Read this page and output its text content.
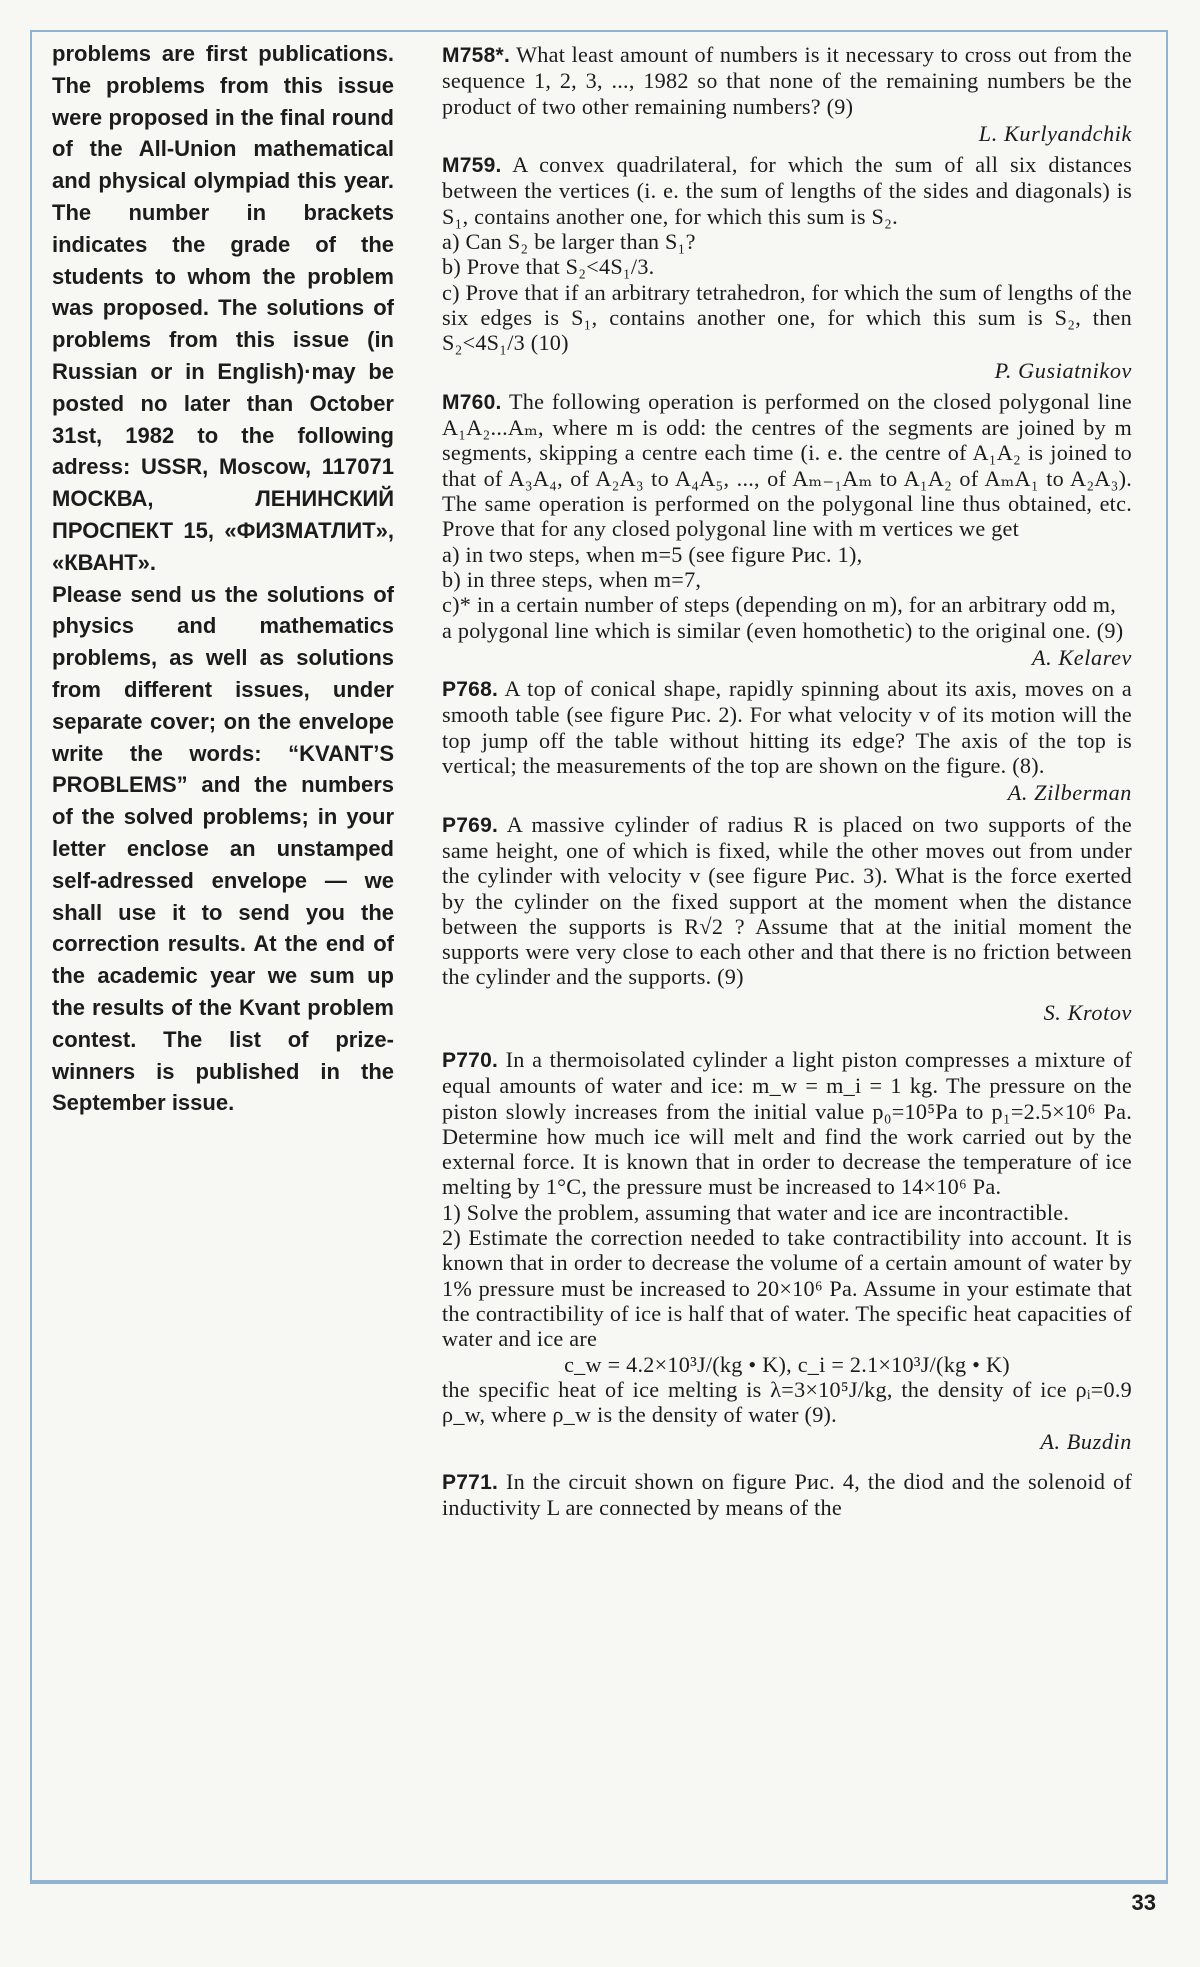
problems are first publications. The problems from this issue were proposed in the final round of the All-Union mathematical and physical olympiad this year. The number in brackets indicates the grade of the students to whom the problem was proposed. The solutions of problems from this issue (in Russian or in English)·may be posted no later than October 31st, 1982 to the following adress: USSR, Moscow, 117071 МОСКВА, ЛЕНИНСКИЙ ПРОСПЕКТ 15, «ФИЗМАТЛИТ», «КВАНТ».

Please send us the solutions of physics and mathematics problems, as well as solutions from different issues, under separate cover; on the envelope write the words: “KVANT’S PROBLEMS” and the numbers of the solved problems; in your letter enclose an unstamped self-adressed envelope — we shall use it to send you the correction results. At the end of the academic year we sum up the results of the Kvant problem contest. The list of prize-winners is published in the September issue.

M758*. What least amount of numbers is it necessary to cross out from the sequence 1, 2, 3, ..., 1982 so that none of the remaining numbers be the product of two other remaining numbers? (9)
L. Kurlyandchik
M759. A convex quadrilateral, for which the sum of all six distances between the vertices (i. e. the sum of lengths of the sides and diagonals) is S₁, contains another one, for which this sum is S₂.
a) Can S₂ be larger than S₁?
b) Prove that S₂<4S₁/3.
c) Prove that if an arbitrary tetrahedron, for which the sum of lengths of the six edges is S₁, contains another one, for which this sum is S₂, then S₂<4S₁/3 (10)
P. Gusiatnikov
M760. The following operation is performed on the closed polygonal line A₁A₂...Aₘ, where m is odd: the centres of the segments are joined by m segments, skipping a centre each time (i. e. the centre of A₁A₂ is joined to that of A₃A₄, of A₂A₃ to A₄A₅, ..., of Aₘ₋₁Aₘ to A₁A₂ of AₘA₁ to A₂A₃). The same operation is performed on the polygonal line thus obtained, etc. Prove that for any closed polygonal line with m vertices we get
a) in two steps, when m=5 (see figure Рис. 1),
b) in three steps, when m=7,
c)* in a certain number of steps (depending on m), for an arbitrary odd m,
a polygonal line which is similar (even homothetic) to the original one. (9)
A. Kelarev
P768. A top of conical shape, rapidly spinning about its axis, moves on a smooth table (see figure Рис. 2). For what velocity v of its motion will the top jump off the table without hitting its edge? The axis of the top is vertical; the measurements of the top are shown on the figure. (8).
A. Zilberman
P769. A massive cylinder of radius R is placed on two supports of the same height, one of which is fixed, while the other moves out from under the cylinder with velocity v (see figure Рис. 3). What is the force exerted by the cylinder on the fixed support at the moment when the distance between the supports is R√2 ? Assume that at the initial moment the supports were very close to each other and that there is no friction between the cylinder and the supports. (9)
S. Krotov
P770. In a thermoisolated cylinder a light piston compresses a mixture of equal amounts of water and ice: m_w = m_i = 1 kg. The pressure on the piston slowly increases from the initial value p₀=10⁵Pa to p₁=2.5×10⁶ Pa. Determine how much ice will melt and find the work carried out by the external force. It is known that in order to decrease the temperature of ice melting by 1°C, the pressure must be increased to 14×10⁶ Pa.
1) Solve the problem, assuming that water and ice are incontractible.
2) Estimate the correction needed to take contractibility into account. It is known that in order to decrease the volume of a certain amount of water by 1% pressure must be increased to 20×10⁶ Pa. Assume in your estimate that the contractibility of ice is half that of water. The specific heat capacities of water and ice are
c_w = 4.2×10³J/(kg • K), c_i = 2.1×10³J/(kg • K)
the specific heat of ice melting is λ=3×10⁵J/kg, the density of ice ρᵢ=0.9 ρ_w, where ρ_w is the density of water (9).
A. Buzdin
P771. In the circuit shown on figure Рис. 4, the diod and the solenoid of inductivity L are connected by means of the
33
